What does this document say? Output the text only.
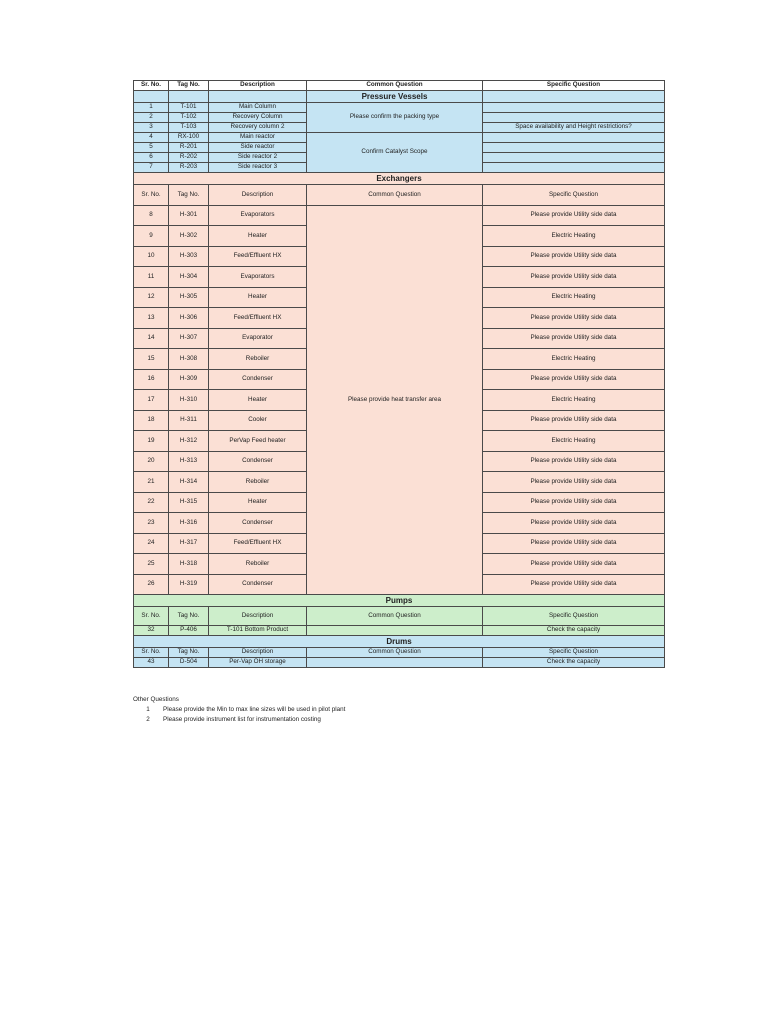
Sr. No.	Tag No.	Description	Common Question	Specific Question
			Pressure Vessels	
1	T-101	Main Column	Please confirm the packing type	
2	T-102	Recovery Column		
3	T-103	Recovery column 2		Space availability and Height restrictions?
4	RX-100	Main reactor	Confirm Catalyst Scope	
5	R-201	Side reactor		
6	R-202	Side reactor 2		
7	R-203	Side reactor 3		
Exchangers				
Sr. No.	Tag No.	Description	Common Question	Specific Question
8	H-301	Evaporators	Please provide heat transfer area	Please provide Utility side data
9	H-302	Heater		Electric Heating
10	H-303	Feed/Effluent HX		Please provide Utility side data
11	H-304	Evaporators		Please provide Utility side data
12	H-305	Heater		Electric Heating
13	H-306	Feed/Effluent HX		Please provide Utility side data
14	H-307	Evaporator		Please provide Utility side data
15	H-308	Reboiler		Electric Heating
16	H-309	Condenser		Please provide Utility side data
17	H-310	Heater		Electric Heating
18	H-311	Cooler		Please provide Utility side data
19	H-312	PerVap Feed heater		Electric Heating
20	H-313	Condenser		Please provide Utility side data
21	H-314	Reboiler		Please provide Utility side data
22	H-315	Heater		Please provide Utility side data
23	H-316	Condenser		Please provide Utility side data
24	H-317	Feed/Effluent HX		Please provide Utility side data
25	H-318	Reboiler		Please provide Utility side data
26	H-319	Condenser		Please provide Utility side data
Pumps				
Sr. No.	Tag No.	Description	Common Question	Specific Question
32	P-406	T-101 Bottom Product		Check the capacity
Drums				
Sr. No.	Tag No.	Description	Common Question	Specific Question
43	D-504	Per-Vap OH storage		Check the capacity
Other Questions
1	Please provide the Min to max line sizes will be used in pilot plant
2	Please provide instrument list for instrumentation costing
